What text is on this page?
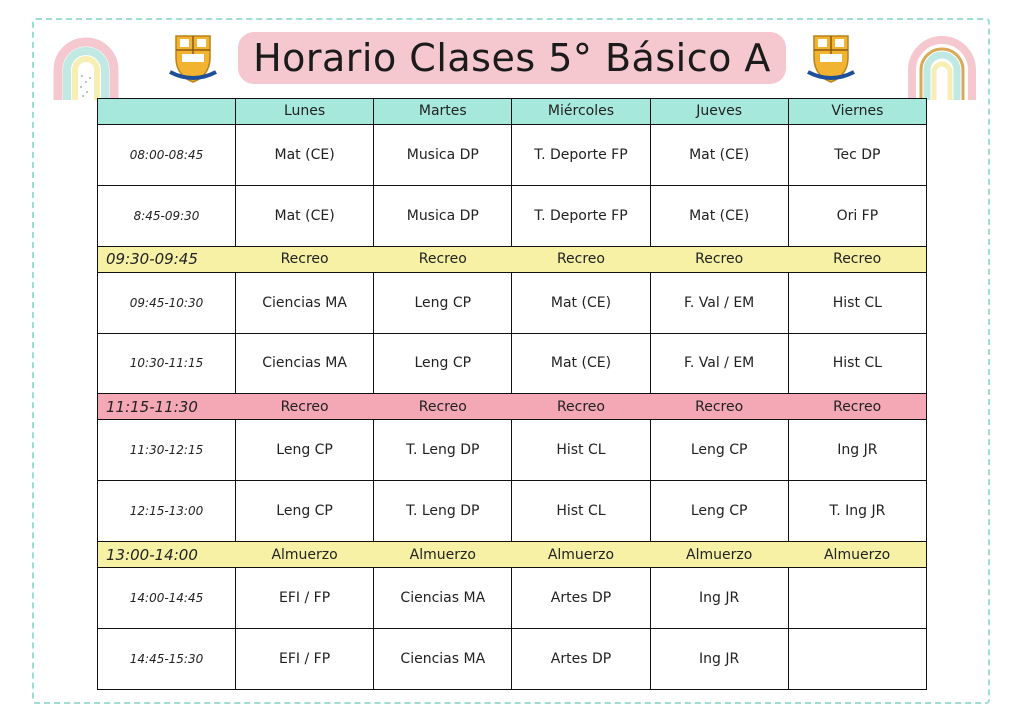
Horario Clases 5° Básico A
	Lunes	Martes	Miércoles	Jueves	Viernes
08:00-08:45	Mat (CE)	Musica DP	T. Deporte FP	Mat (CE)	Tec DP
8:45-09:30	Mat (CE)	Musica DP	T. Deporte FP	Mat (CE)	Ori FP
09:30-09:45	Recreo	Recreo	Recreo	Recreo	Recreo
09:45-10:30	Ciencias MA	Leng CP	Mat (CE)	F. Val / EM	Hist CL
10:30-11:15	Ciencias MA	Leng CP	Mat (CE)	F. Val / EM	Hist CL
11:15-11:30	Recreo	Recreo	Recreo	Recreo	Recreo
11:30-12:15	Leng CP	T. Leng DP	Hist CL	Leng CP	Ing JR
12:15-13:00	Leng CP	T. Leng DP	Hist CL	Leng CP	T. Ing JR
13:00-14:00	Almuerzo	Almuerzo	Almuerzo	Almuerzo	Almuerzo
14:00-14:45	EFI / FP	Ciencias MA	Artes DP	Ing JR	
14:45-15:30	EFI / FP	Ciencias MA	Artes DP	Ing JR	
